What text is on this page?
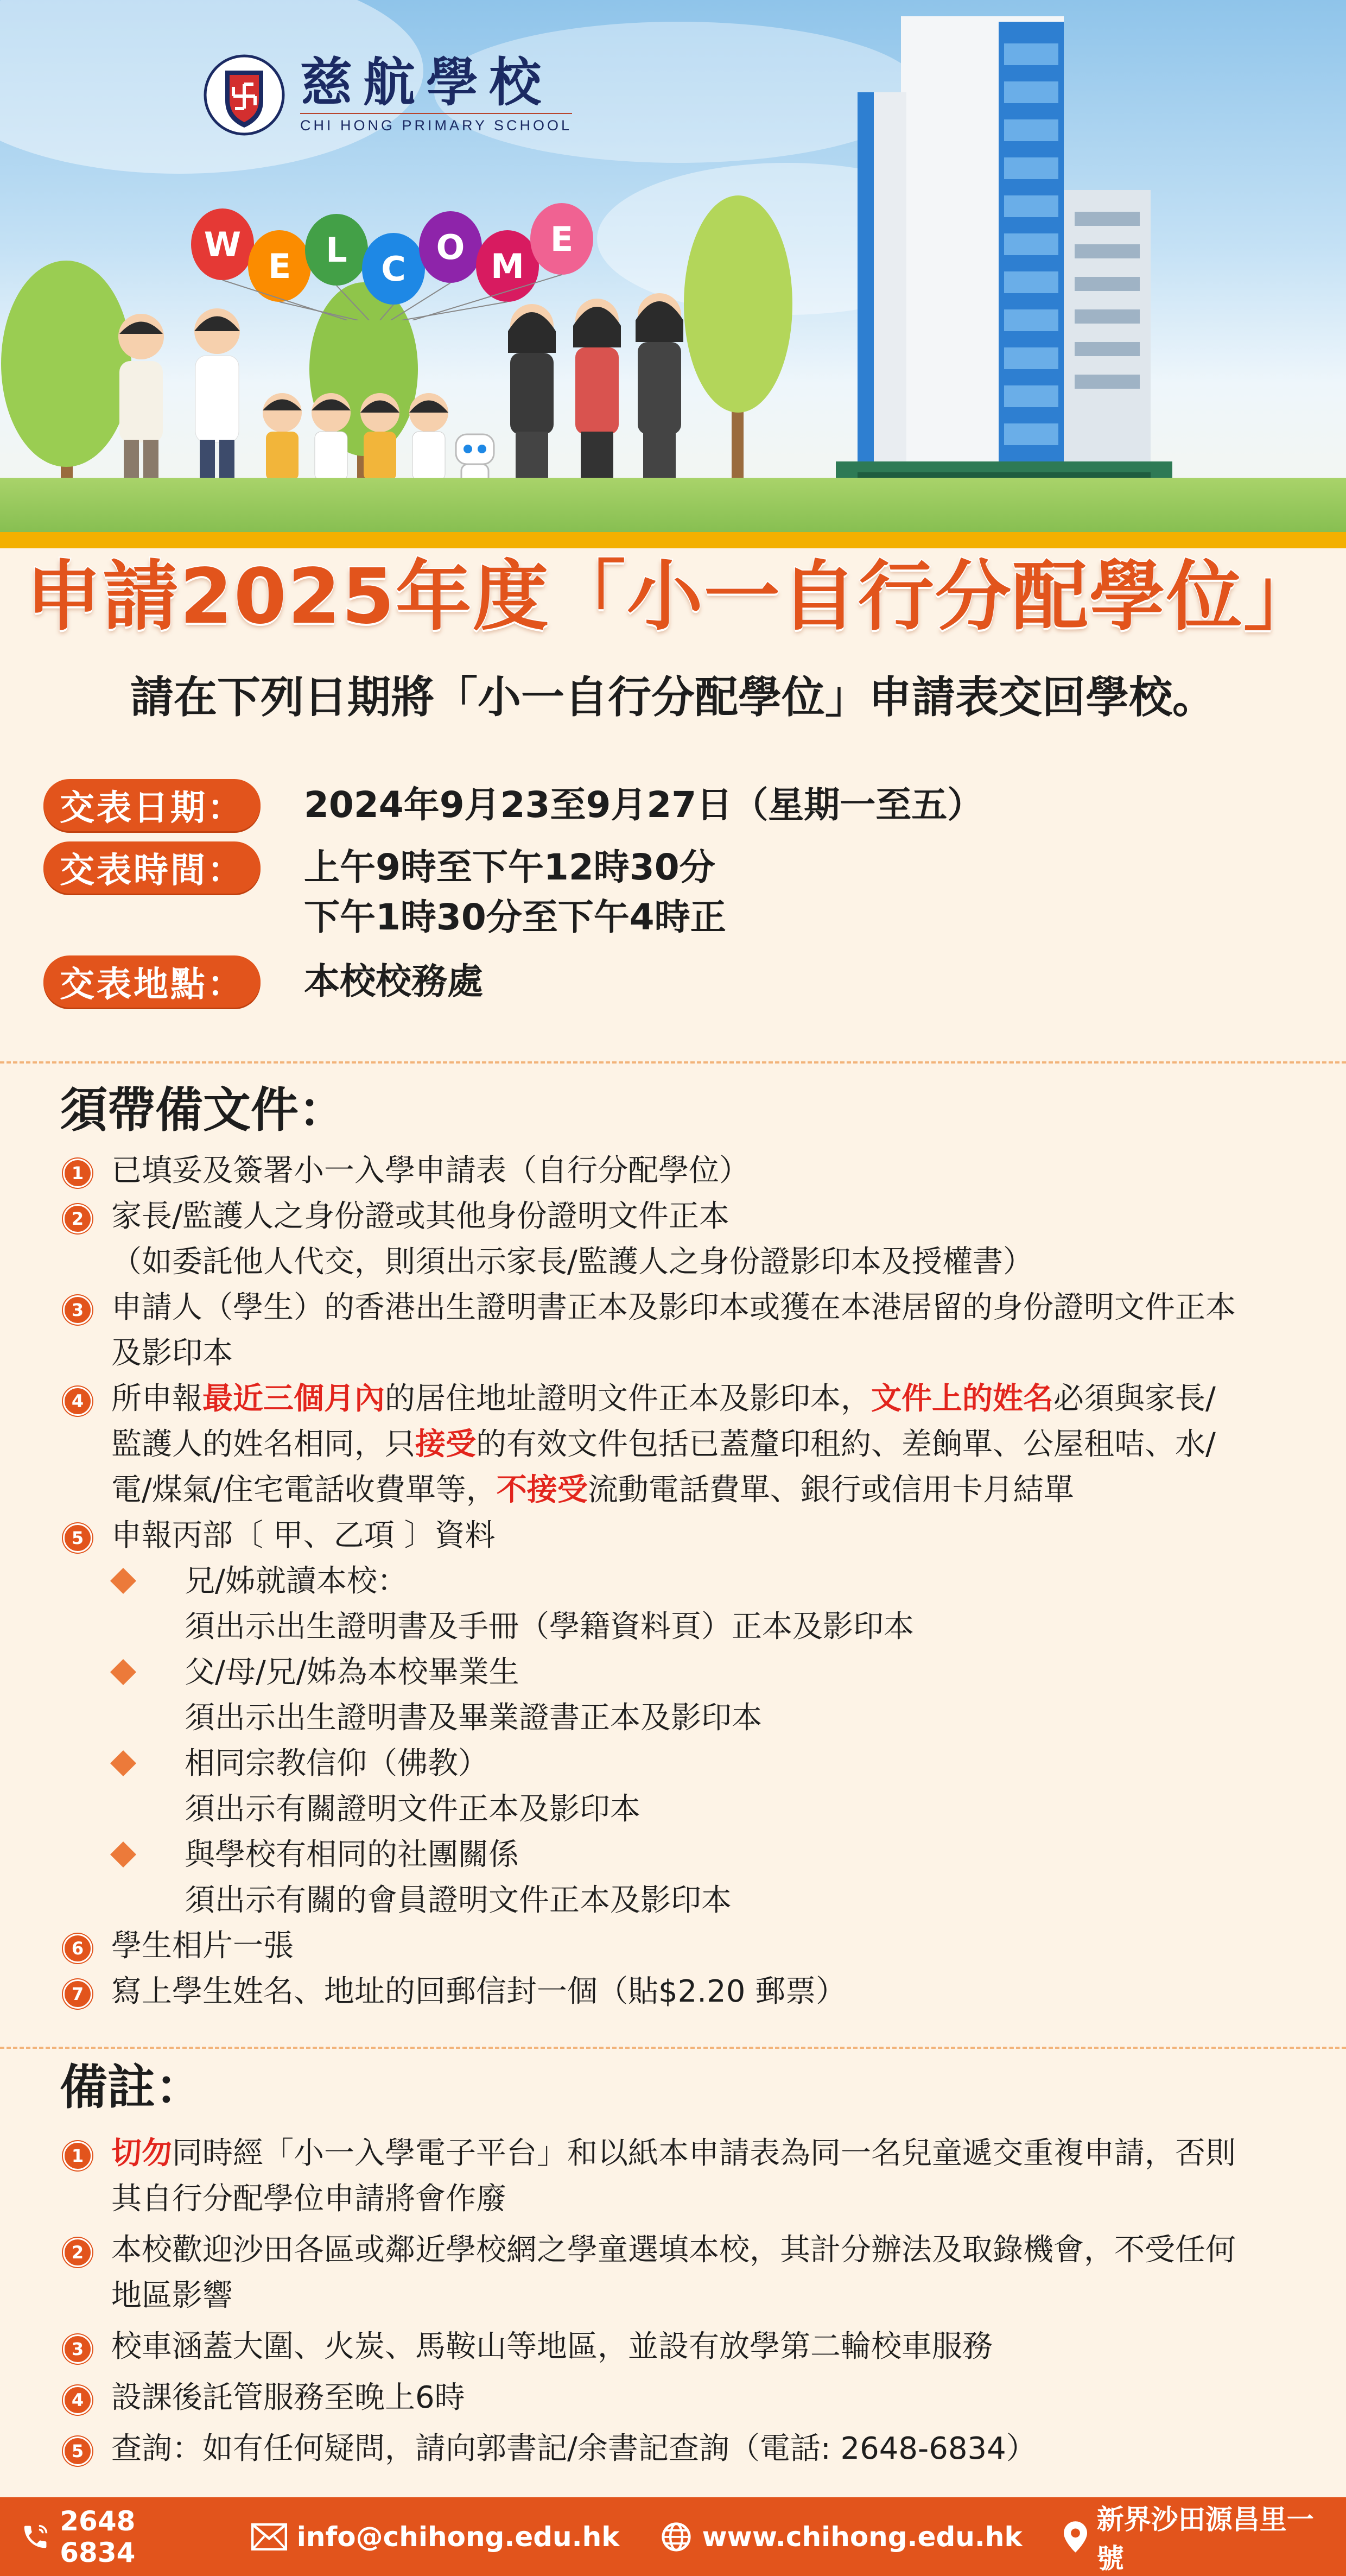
慈航學校
CHI HONG PRIMARY SCHOOL
W
E L C
O M
E
申請2025年度「小一自行分配學位」
請在下列日期將「小一自行分配學位」申請表交回學校。
交表日期：	2024年9月23至9月27日（星期一至五）
交表時間：	上午9時至下午12時30分
下午1時30分至下午4時正
交表地點：	本校校務處
須帶備文件：
1 已填妥及簽署小一入學申請表（自行分配學位）
2 家長/監護人之身份證或其他身份證明文件正本
（如委託他人代交，則須出示家長/監護人之身份證影印本及授權書）
3 申請人（學生）的香港出生證明書正本及影印本或獲在本港居留的身份證明文件正本
及影印本
4 所申報最近三個月內的居住地址證明文件正本及影印本，文件上的姓名必須與家長/
監護人的姓名相同，只接受的有效文件包括已蓋釐印租約、差餉單、公屋租咭、水/
電/煤氣/住宅電話收費單等，不接受流動電話費單、銀行或信用卡月結單
5 申報丙部〔 甲、乙項 〕資料
兄/姊就讀本校：
須出示出生證明書及手冊（學籍資料頁）正本及影印本
父/母/兄/姊為本校畢業生
須出示出生證明書及畢業證書正本及影印本
相同宗教信仰（佛教）
須出示有關證明文件正本及影印本
與學校有相同的社團關係
須出示有關的會員證明文件正本及影印本
6 學生相片一張
7 寫上學生姓名、地址的回郵信封一個（貼$2.20 郵票）
備註：
1 切勿同時經「小一入學電子平台」和以紙本申請表為同一名兒童遞交重複申請，否則
其自行分配學位申請將會作廢
2 本校歡迎沙田各區或鄰近學校網之學童選填本校，其計分辦法及取錄機會，不受任何
地區影響
3 校車涵蓋大圍、火炭、馬鞍山等地區，並設有放學第二輪校車服務
4 設課後託管服務至晚上6時
5 查詢：如有任何疑問，請向郭書記/余書記查詢（電話: 2648-6834）
2648 6834	info@chihong.edu.hk	www.chihong.edu.hk
新界沙田源昌里一號
